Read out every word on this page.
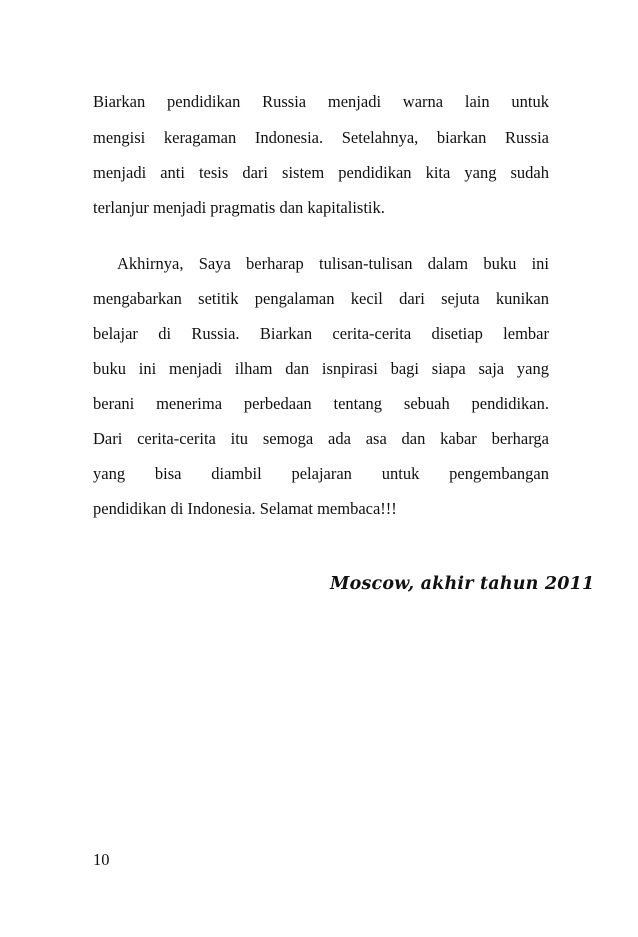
Biarkan pendidikan Russia menjadi warna lain untuk
mengisi keragaman Indonesia. Setelahnya, biarkan Russia
menjadi anti tesis dari sistem pendidikan kita yang sudah
terlanjur menjadi pragmatis dan kapitalistik.
Akhirnya, Saya berharap tulisan-tulisan dalam buku ini
mengabarkan setitik pengalaman kecil dari sejuta kunikan
belajar di Russia. Biarkan cerita-cerita disetiap lembar
buku ini menjadi ilham dan isnpirasi bagi siapa saja yang
berani menerima perbedaan tentang sebuah pendidikan.
Dari cerita-cerita itu semoga ada asa dan kabar berharga
yang bisa diambil pelajaran untuk pengembangan
pendidikan di Indonesia. Selamat membaca!!!
Moscow, akhir tahun 2011
10
